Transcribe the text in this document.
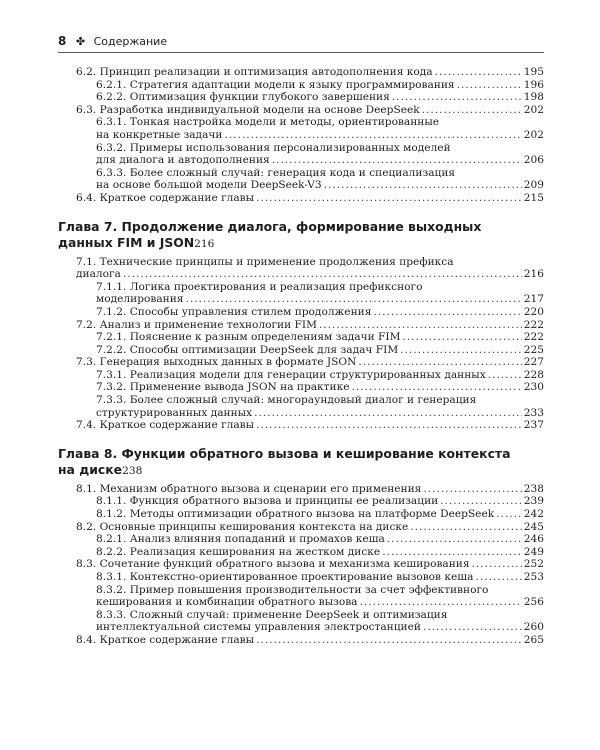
8 ✤ Содержание
6.2. Принцип реализации и оптимизация автодополнения кода .....	195
6.2.1. Стратегия адаптации модели к языку программирования .....	196
6.2.2. Оптимизация функции глубокого завершения .....	198
6.3. Разработка индивидуальной модели на основе DeepSeek .....	202
6.3.1. Тонкая настройка модели и методы, ориентированные
на конкретные задачи .....	202
6.3.2. Примеры использования персонализированных моделей
для диалога и автодополнения .....	206
6.3.3. Более сложный случай: генерация кода и специализация
на основе большой модели DeepSeek-V3 .....	209
6.4. Краткое содержание главы .....	215
Глава 7. Продолжение диалога, формирование выходных
данных FIM и JSON216
7.1. Технические принципы и применение продолжения префикса
диалога .....	216
7.1.1. Логика проектирования и реализация префиксного
моделирования .....	217
7.1.2. Способы управления стилем продолжения .....	220
7.2. Анализ и применение технологии FIM .....	222
7.2.1. Пояснение к разным определениям задачи FIM .....	222
7.2.2. Способы оптимизации DeepSeek для задач FIM .....	225
7.3. Генерация выходных данных в формате JSON .....	227
7.3.1. Реализация модели для генерации структурированных данных .....	228
7.3.2. Применение вывода JSON на практике .....	230
7.3.3. Более сложный случай: многораундовый диалог и генерация
структурированных данных .....	233
7.4. Краткое содержание главы .....	237
Глава 8. Функции обратного вызова и кеширование контекста
на диске238
8.1. Механизм обратного вызова и сценарии его применения .....	238
8.1.1. Функция обратного вызова и принципы ее реализации .....	239
8.1.2. Методы оптимизации обратного вызова на платформе DeepSeek .....	242
8.2. Основные принципы кеширования контекста на диске .....	245
8.2.1. Анализ влияния попаданий и промахов кеша .....	246
8.2.2. Реализация кеширования на жестком диске .....	249
8.3. Сочетание функций обратного вызова и механизма кеширования .....	252
8.3.1. Контекстно-ориентированное проектирование вызовов кеша .....	253
8.3.2. Пример повышения производительности за счет эффективного
кеширования и комбинации обратного вызова .....	256
8.3.3. Сложный случай: применение DeepSeek и оптимизация
интеллектуальной системы управления электростанцией .....	260
8.4. Краткое содержание главы .....	265
